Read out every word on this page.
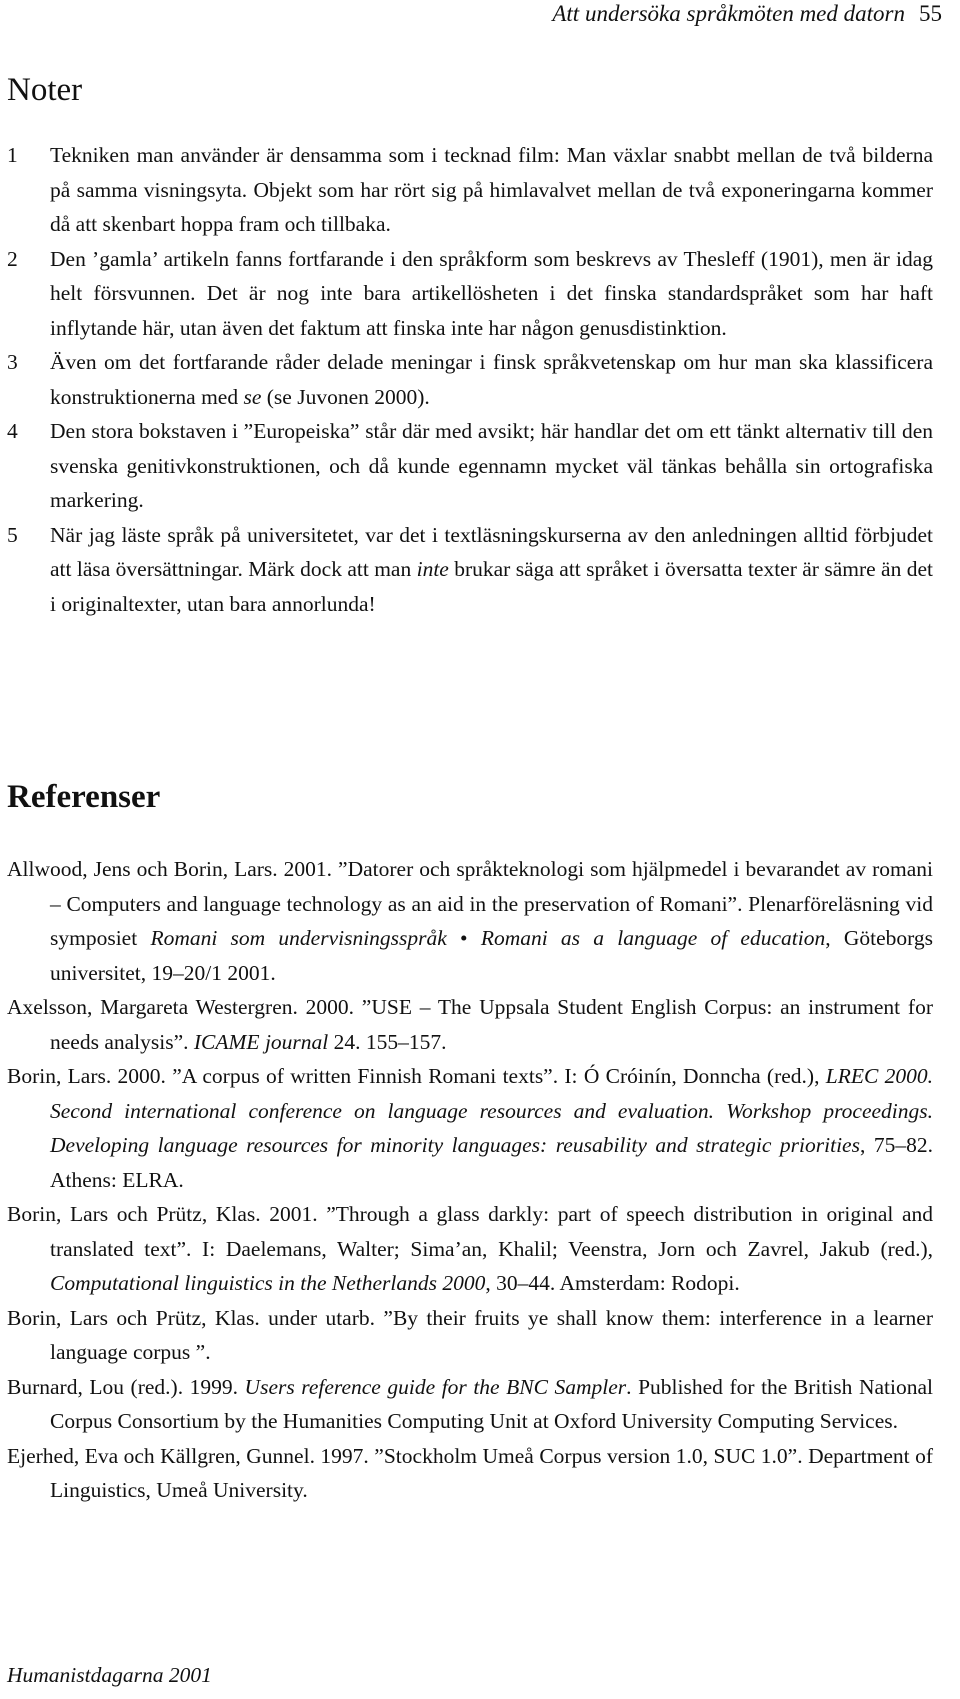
Att undersöka språkmöten med datorn 55
Noter

1 Tekniken man använder är densamma som i tecknad film: Man växlar snabbt mellan de två bilderna på samma visningsyta. Objekt som har rört sig på himlavalvet mellan de två exponeringarna kommer då att skenbart hoppa fram och tillbaka.

2 Den ’gamla’ artikeln fanns fortfarande i den språkform som beskrevs av Thesleff (1901), men är idag helt försvunnen. Det är nog inte bara artikellösheten i det finska standardspråket som har haft inflytande här, utan även det faktum att finska inte har någon genusdistinktion.

3 Även om det fortfarande råder delade meningar i finsk språkvetenskap om hur man ska klassificera konstruktionerna med se (se Juvonen 2000).

4 Den stora bokstaven i ”Europeiska” står där med avsikt; här handlar det om ett tänkt alternativ till den svenska genitivkonstruktionen, och då kunde egennamn mycket väl tänkas behålla sin ortografiska markering.

5 När jag läste språk på universitetet, var det i textläsningskurserna av den anledningen alltid förbjudet att läsa översättningar. Märk dock att man inte brukar säga att språket i översatta texter är sämre än det i originaltexter, utan bara annorlunda!

Referenser

Allwood, Jens och Borin, Lars. 2001. ”Datorer och språkteknologi som hjälpmedel i bevarandet av romani – Computers and language technology as an aid in the preservation of Romani”. Plenarföreläsning vid symposiet Romani som undervisningsspråk • Romani as a language of education, Göteborgs universitet, 19–20/1 2001.

Axelsson, Margareta Westergren. 2000. ”USE – The Uppsala Student English Corpus: an instrument for needs analysis”. ICAME journal 24. 155–157.

Borin, Lars. 2000. ”A corpus of written Finnish Romani texts”. I: Ó Cróinín, Donncha (red.), LREC 2000. Second international conference on language resources and evaluation. Workshop proceedings. Developing language resources for minority languages: reusability and strategic priorities, 75–82. Athens: ELRA.

Borin, Lars och Prütz, Klas. 2001. ”Through a glass darkly: part of speech distribution in original and translated text”. I: Daelemans, Walter; Sima’an, Khalil; Veenstra, Jorn och Zavrel, Jakub (red.), Computational linguistics in the Netherlands 2000, 30–44. Amsterdam: Rodopi.

Borin, Lars och Prütz, Klas. under utarb. ”By their fruits ye shall know them: interference in a learner language corpus ”.

Burnard, Lou (red.). 1999. Users reference guide for the BNC Sampler. Published for the British National Corpus Consortium by the Humanities Computing Unit at Oxford University Computing Services.

Ejerhed, Eva och Källgren, Gunnel. 1997. ”Stockholm Umeå Corpus version 1.0, SUC 1.0”. Department of Linguistics, Umeå University.

Humanistdagarna 2001
